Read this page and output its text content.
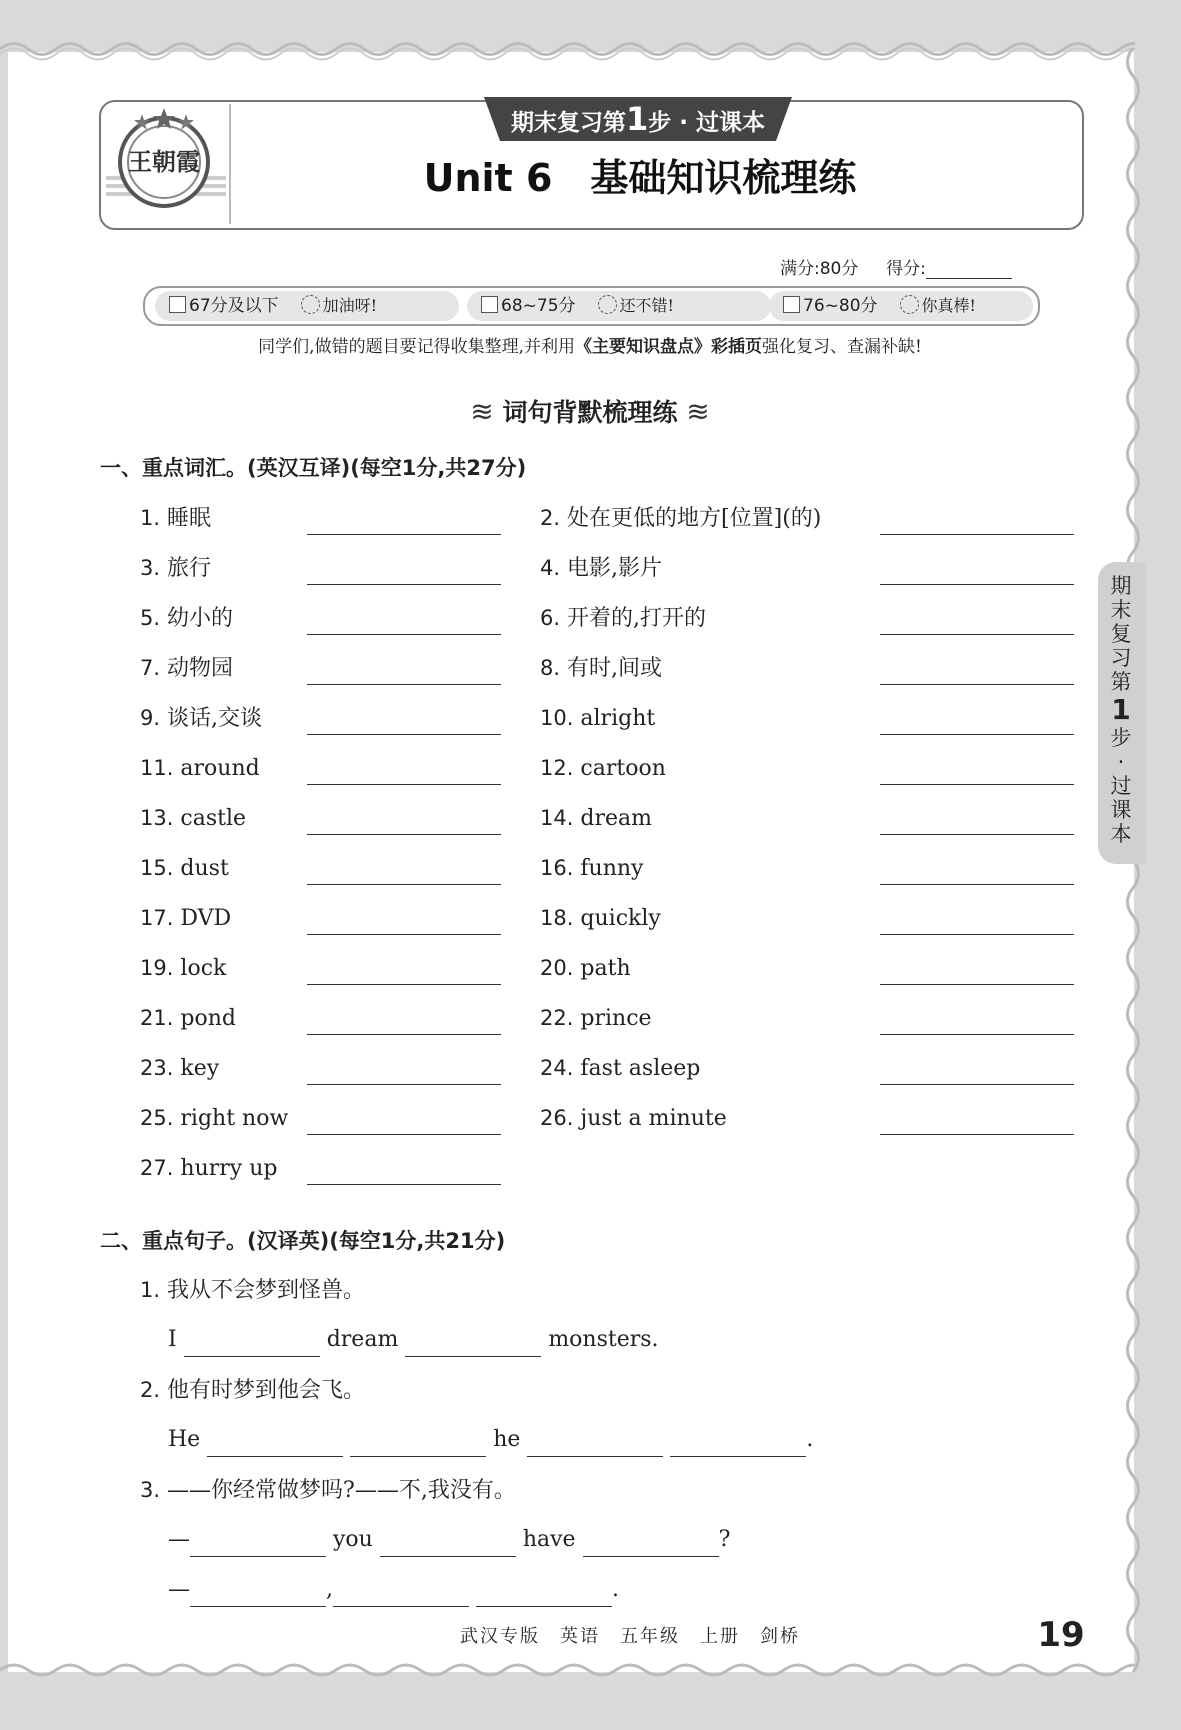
王朝霞
期末复习第1步 · 过课本
Unit 6　基础知识梳理练
满分:80分 　 得分:
67分及以下	加油呀!	68~75分	还不错!	76~80分	你真棒!
同学们,做错的题目要记得收集整理,并利用《主要知识盘点》彩插页强化复习、查漏补缺!
≋ 词句背默梳理练 ≋
一、重点词汇。(英汉互译)(每空1分,共27分)
1. 睡眠	2. 处在更低的地方[位置](的)
3. 旅行	4. 电影,影片
5. 幼小的	6. 开着的,打开的
7. 动物园	8. 有时,间或
9. 谈话,交谈	10. alright
11. around	12. cartoon
13. castle	14. dream
15. dust	16. funny
17. DVD	18. quickly
19. lock	20. path
21. pond	22. prince
23. key	24. fast asleep
25. right now	26. just a minute
27. hurry up
二、重点句子。(汉译英)(每空1分,共21分)
1. 我从不会梦到怪兽。
I	dream	monsters.
2. 他有时梦到他会飞。
He	he	.
3. ——你经常做梦吗?——不,我没有。
—	you	have	?
—	,	.
期
末
复
习
第
1
步
·
过
课
本
武汉专版　英语　五年级　上册　剑桥	19
